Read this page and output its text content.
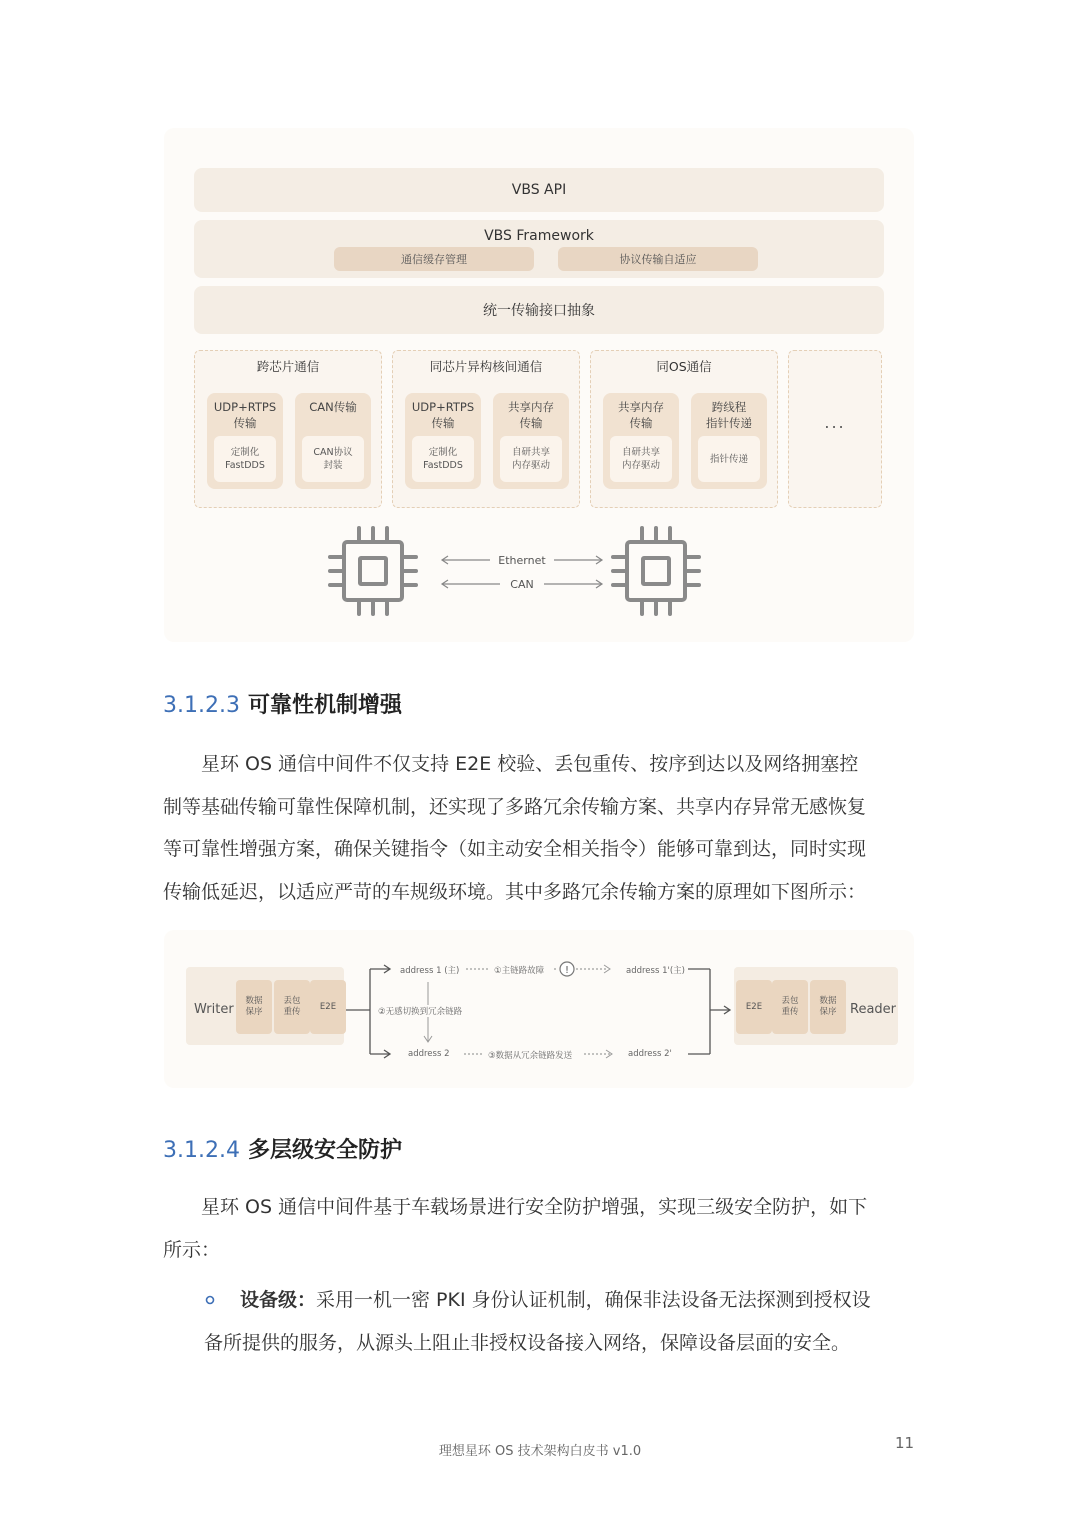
VBS API
VBS Framework
通信缓存管理	协议传输自适应
统一传输接口抽象
跨芯片通信
UDP+RTPS
传输
定制化
FastDDS
CAN传输
CAN协议
封装
同芯片异构核间通信
UDP+RTPS
传输
定制化
FastDDS
共享内存
传输
自研共享
内存驱动
同OS通信
共享内存
传输
自研共享
内存驱动
跨线程
指针传递
指针传递
...
Ethernet
CAN
3.1.2.3 可靠性机制增强
星环 OS 通信中间件不仅支持 E2E 校验、丢包重传、按序到达以及网络拥塞控
制等基础传输可靠性保障机制，还实现了多路冗余传输方案、共享内存异常无感恢复
等可靠性增强方案，确保关键指令（如主动安全相关指令）能够可靠到达，同时实现
传输低延迟，以适应严苛的车规级环境。其中多路冗余传输方案的原理如下图所示：
Writer
数据
保序
丢包
重传
E2E	E2E
丢包
重传
数据
保序	Reader
!
address 1 (主)	①主链路故障	address 1'(主)
②无感切换到冗余链路
address 2	③数据从冗余链路发送	address 2'
3.1.2.4 多层级安全防护
星环 OS 通信中间件基于车载场景进行安全防护增强，实现三级安全防护，如下
所示：
设备级：采用一机一密 PKI 身份认证机制，确保非法设备无法探测到授权设
备所提供的服务，从源头上阻止非授权设备接入网络，保障设备层面的安全。
理想星环 OS 技术架构白皮书 v1.0	11
